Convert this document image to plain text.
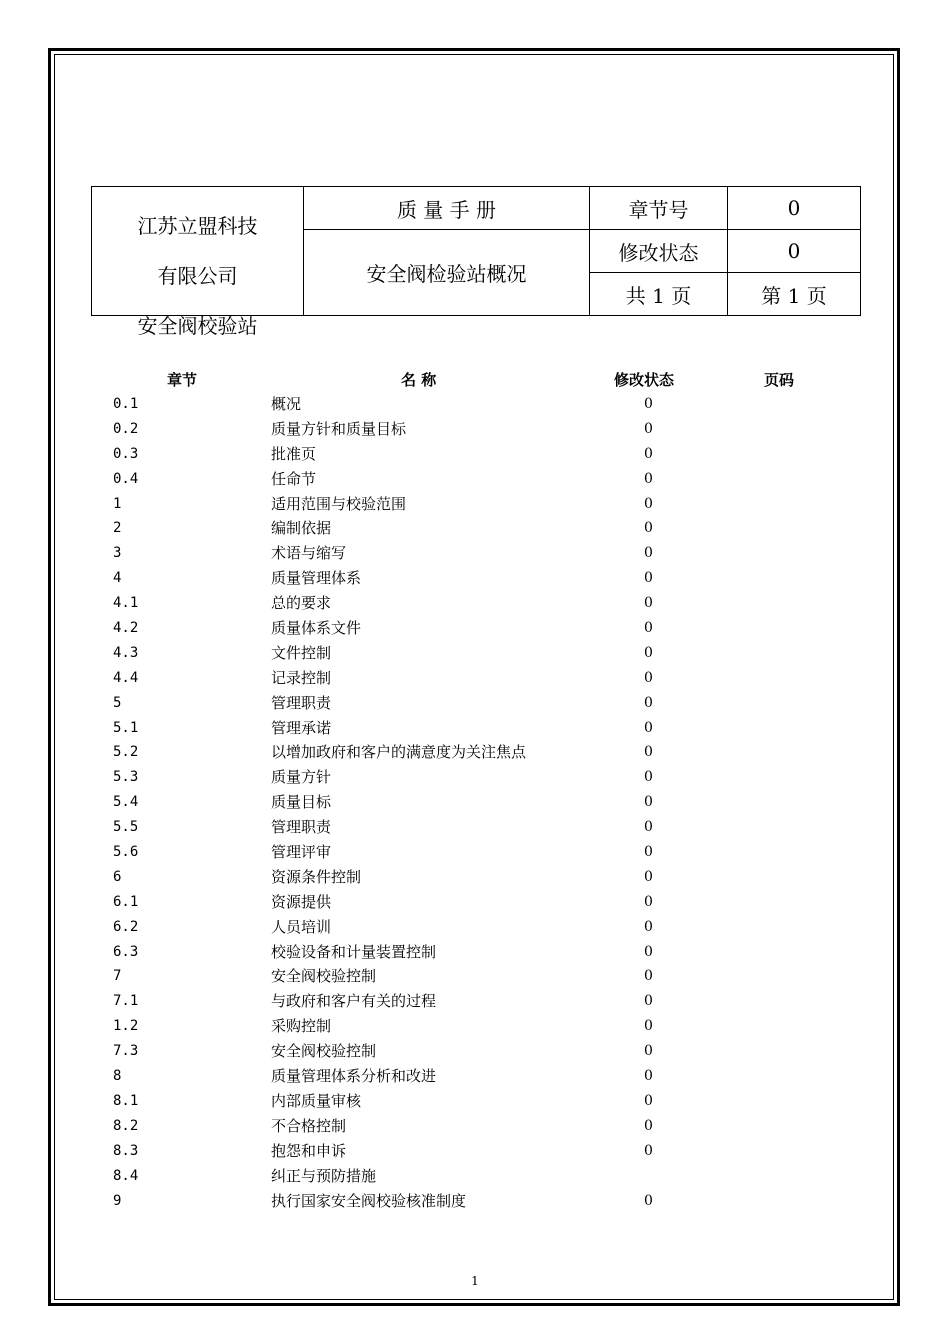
江苏立盟科技
有限公司
安全阀校验站	质 量 手 册	章节号	0
	安全阀检验站概况	修改状态	0
		共 1 页	第 1 页
章节	名 称	修改状态	页码
0.1	概况	0
0.2	质量方针和质量目标	0
0.3	批准页	0
0.4	任命节	0
1	适用范围与校验范围	0
2	编制依据	0
3	术语与缩写	0
4	质量管理体系	0
4.1	总的要求	0
4.2	质量体系文件	0
4.3	文件控制	0
4.4	记录控制	0
5	管理职责	0
5.1	管理承诺	0
5.2	以增加政府和客户的满意度为关注焦点	0
5.3	质量方针	0
5.4	质量目标	0
5.5	管理职责	0
5.6	管理评审	0
6	资源条件控制	0
6.1	资源提供	0
6.2	人员培训	0
6.3	校验设备和计量装置控制	0
7	安全阀校验控制	0
7.1	与政府和客户有关的过程	0
1.2	采购控制	0
7.3	安全阀校验控制	0
8	质量管理体系分析和改进	0
8.1	内部质量审核	0
8.2	不合格控制	0
8.3	抱怨和申诉	0
8.4	纠正与预防措施
9	执行国家安全阀校验核准制度	0
1
